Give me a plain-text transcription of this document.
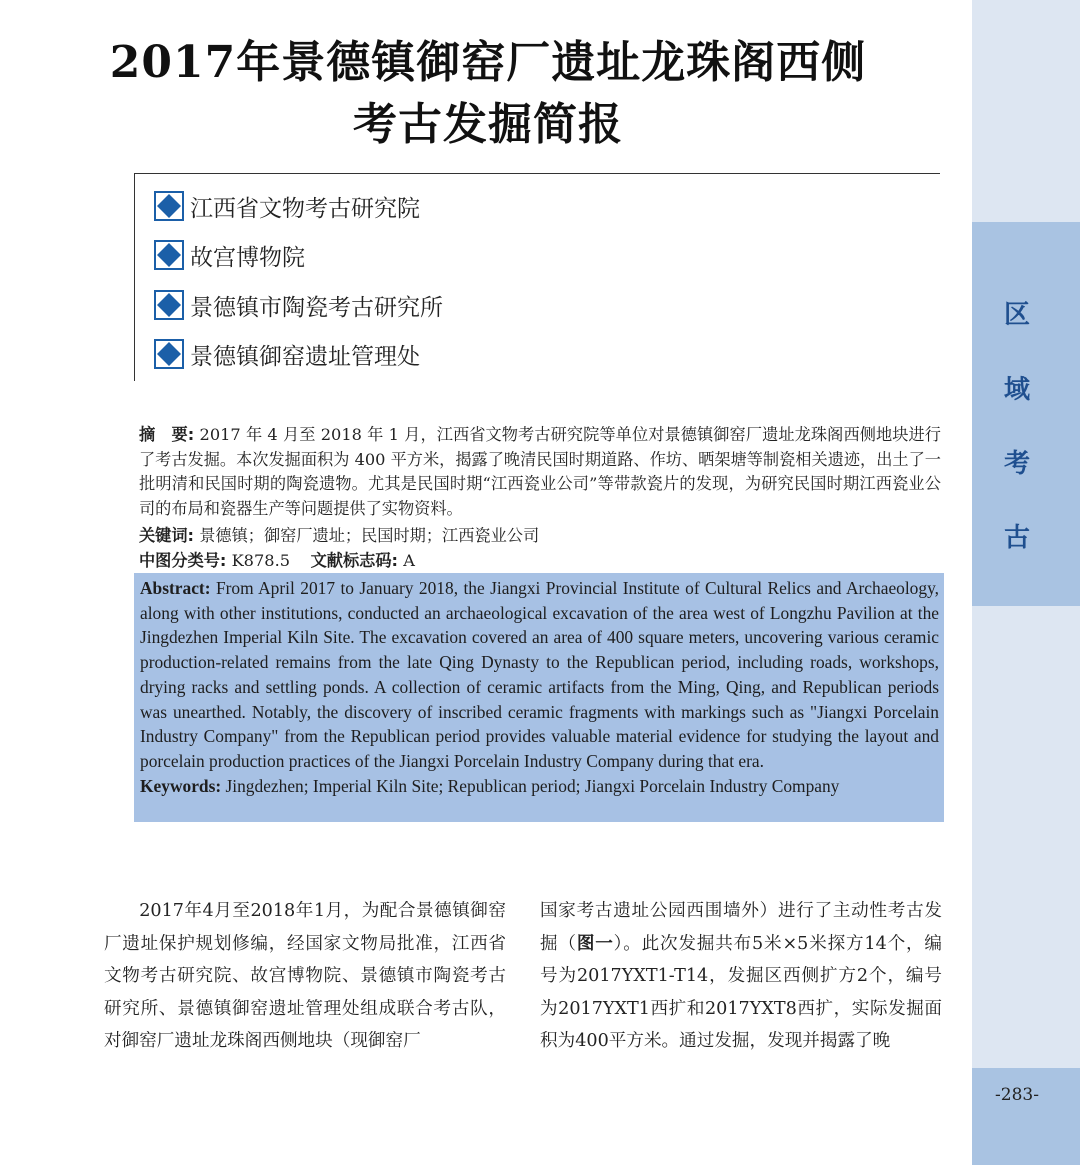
区
域
考
古
-283-
2017年景德镇御窑厂遗址龙珠阁西侧
考古发掘简报
江西省文物考古研究院
故宫博物院
景德镇市陶瓷考古研究所
景德镇御窑遗址管理处
摘　要: 2017 年 4 月至 2018 年 1 月，江西省文物考古研究院等单位对景德镇御窑厂遗址龙珠阁西侧地块进行了考古发掘。本次发掘面积为 400 平方米，揭露了晚清民国时期道路、作坊、晒架塘等制瓷相关遗迹，出土了一批明清和民国时期的陶瓷遗物。尤其是民国时期“江西瓷业公司”等带款瓷片的发现，为研究民国时期江西瓷业公司的布局和瓷器生产等问题提供了实物资料。
关键词: 景德镇；御窑厂遗址；民国时期；江西瓷业公司
中图分类号: K878.5 文献标志码: A

Abstract: From April 2017 to January 2018, the Jiangxi Provincial Institute of Cultural Relics and Archaeology, along with other institutions, conducted an archaeological excavation of the area west of Longzhu Pavilion at the Jingdezhen Imperial Kiln Site. The excavation covered an area of 400 square meters, uncovering various ceramic production-related remains from the late Qing Dynasty to the Republican period, including roads, workshops, drying racks and settling ponds. A collection of ceramic artifacts from the Ming, Qing, and Republican periods was unearthed. Notably, the discovery of inscribed ceramic fragments with markings such as "Jiangxi Porcelain Industry Company" from the Republican period provides valuable material evidence for studying the layout and porcelain production practices of the Jiangxi Porcelain Industry Company during that era.

Keywords: Jingdezhen; Imperial Kiln Site; Republican period; Jiangxi Porcelain Industry Company

2017年4月至2018年1月，为配合景德镇御窑厂遗址保护规划修编，经国家文物局批准，江西省文物考古研究院、故宫博物院、景德镇市陶瓷考古研究所、景德镇御窑遗址管理处组成联合考古队，对御窑厂遗址龙珠阁西侧地块（现御窑厂

国家考古遗址公园西围墙外）进行了主动性考古发掘（图一）。此次发掘共布5米×5米探方14个，编号为2017YXT1-T14，发掘区西侧扩方2个，编号为2017YXT1西扩和2017YXT8西扩，实际发掘面积为400平方米。通过发掘，发现并揭露了晚
